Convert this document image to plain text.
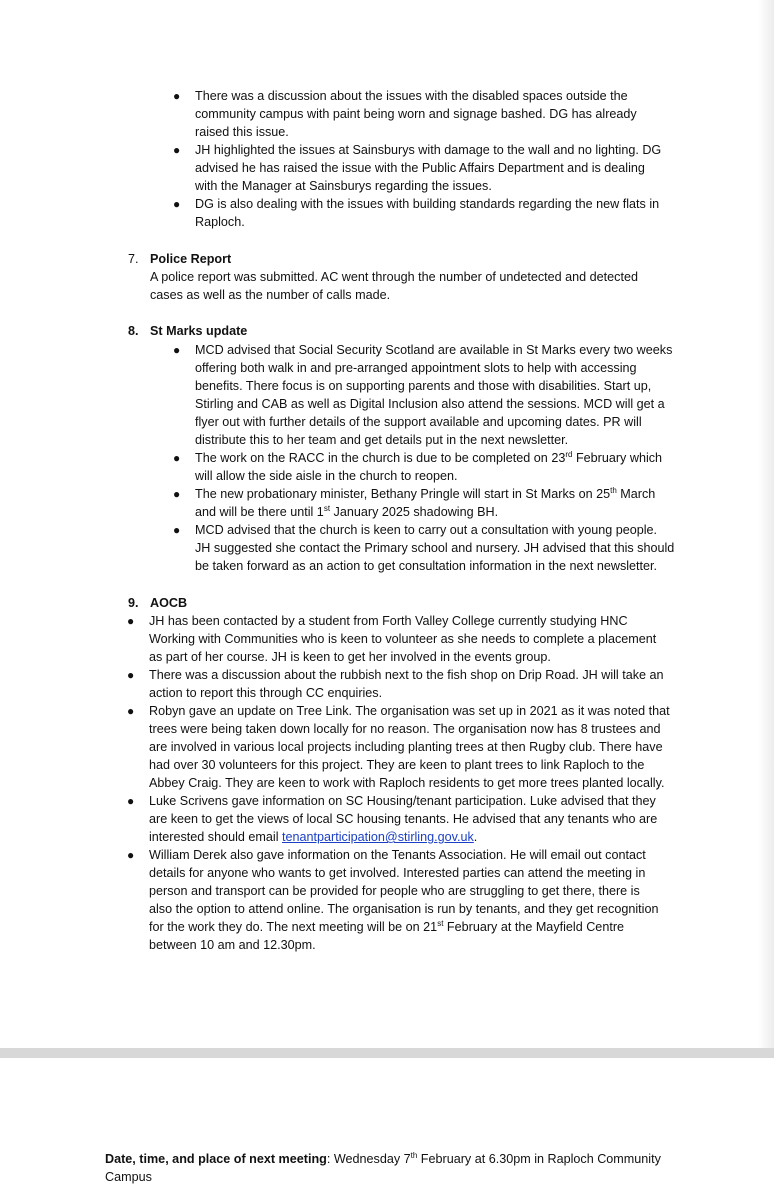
● There was a discussion about the issues with the disabled spaces outside the
community campus with paint being worn and signage bashed. DG has already
raised this issue.
● JH highlighted the issues at Sainsburys with damage to the wall and no lighting. DG
advised he has raised the issue with the Public Affairs Department and is dealing
with the Manager at Sainsburys regarding the issues.
● DG is also dealing with the issues with building standards regarding the new flats in
Raploch.
7. Police Report
A police report was submitted. AC went through the number of undetected and detected
cases as well as the number of calls made.
8. St Marks update
● MCD advised that Social Security Scotland are available in St Marks every two weeks
offering both walk in and pre-arranged appointment slots to help with accessing
benefits. There focus is on supporting parents and those with disabilities. Start up,
Stirling and CAB as well as Digital Inclusion also attend the sessions. MCD will get a
flyer out with further details of the support available and upcoming dates. PR will
distribute this to her team and get details put in the next newsletter.
● The work on the RACC in the church is due to be completed on 23rd February which
will allow the side aisle in the church to reopen.
● The new probationary minister, Bethany Pringle will start in St Marks on 25th March
and will be there until 1st January 2025 shadowing BH.
● MCD advised that the church is keen to carry out a consultation with young people.
JH suggested she contact the Primary school and nursery. JH advised that this should
be taken forward as an action to get consultation information in the next newsletter.
9. AOCB
● JH has been contacted by a student from Forth Valley College currently studying HNC
Working with Communities who is keen to volunteer as she needs to complete a placement
as part of her course. JH is keen to get her involved in the events group.
● There was a discussion about the rubbish next to the fish shop on Drip Road. JH will take an
action to report this through CC enquiries.
● Robyn gave an update on Tree Link. The organisation was set up in 2021 as it was noted that
trees were being taken down locally for no reason. The organisation now has 8 trustees and
are involved in various local projects including planting trees at then Rugby club. There have
had over 30 volunteers for this project. They are keen to plant trees to link Raploch to the
Abbey Craig. They are keen to work with Raploch residents to get more trees planted locally.
● Luke Scrivens gave information on SC Housing/tenant participation. Luke advised that they
are keen to get the views of local SC housing tenants. He advised that any tenants who are
interested should email tenantparticipation@stirling.gov.uk.
● William Derek also gave information on the Tenants Association. He will email out contact
details for anyone who wants to get involved. Interested parties can attend the meeting in
person and transport can be provided for people who are struggling to get there, there is
also the option to attend online. The organisation is run by tenants, and they get recognition
for the work they do. The next meeting will be on 21st February at the Mayfield Centre
between 10 am and 12.30pm.
Date, time, and place of next meeting: Wednesday 7th February at 6.30pm in Raploch Community
Campus
